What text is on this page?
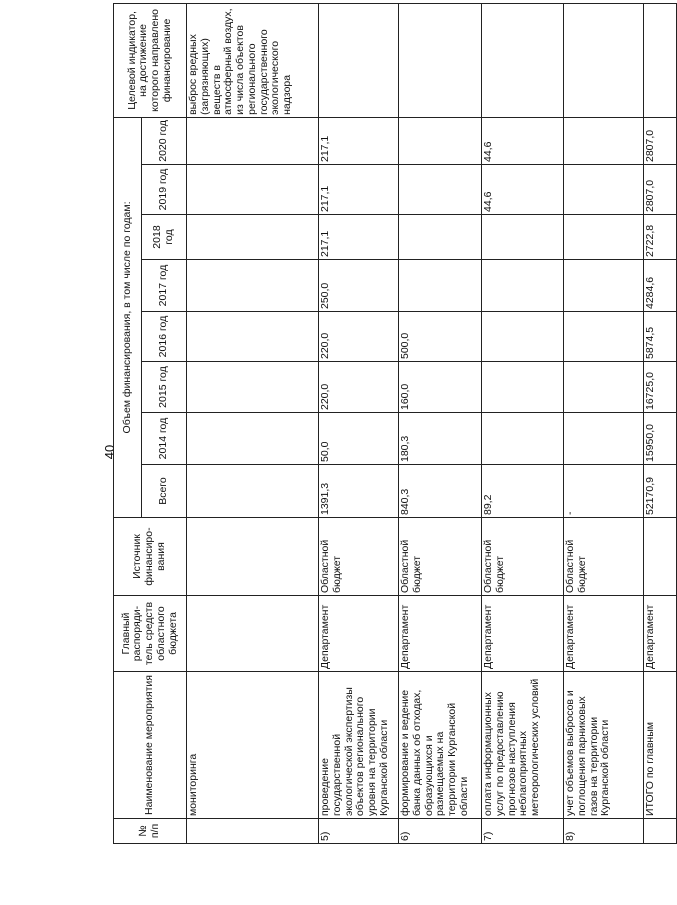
40
№ п/п	Наименование мероприятия	Главный распоряди-тель средств областного бюджета	Источник финансиро-вания	Объем финансирования, в том числе по годам:								Целевой индикатор, на достижение которого направлено финансирование
				Всего	2014 год	2015 год	2016 год	2017 год	2018 год	2019 год	2020 год	
	мониторинга											выброс вредных (загрязняющих) веществ в атмосферный воздух, из числа объектов регионального государственного экологического надзора
5)	проведение государственной экологической экспертизы объектов регионального уровня на территории Курганской области	Департамент	Областной бюджет	1391,3	50,0	220,0	220,0	250,0	217,1	217,1	217,1	
6)	формирование и ведение банка данных об отходах, образующихся и размещаемых на территории Курганской области	Департамент	Областной бюджет	840,3	180,3	160,0	500,0					
7)	оплата информационных услуг по предоставлению прогнозов наступления неблагоприятных метеорологических условий	Департамент	Областной бюджет	89,2						44,6	44,6	
8)	учет объемов выбросов и поглощения парниковых газов на территории Курганской области	Департамент	Областной бюджет	-								
	ИТОГО по главным	Департамент		52170,9	15950,0	16725,0	5874,5	4284,6	2722,8	2807,0	2807,0	
